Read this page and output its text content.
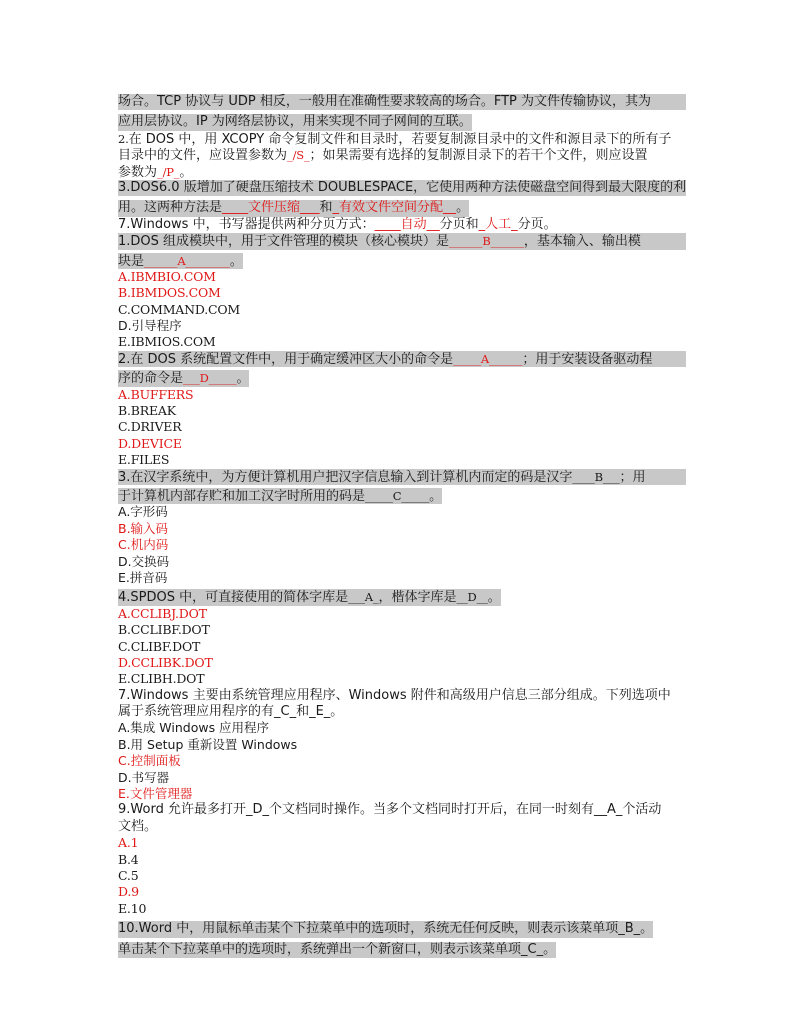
场合。TCP 协议与 UDP 相反，一般用在准确性要求较高的场合。FTP 为文件传输协议，其为
应用层协议。IP 为网络层协议，用来实现不同子网间的互联。
2.在 DOS 中，用 XCOPY 命令复制文件和目录时，若要复制源目录中的文件和源目录下的所有子
目录中的文件，应设置参数为_/S_；如果需要有选择的复制源目录下的若干个文件，则应设置
参数为_/P_。
3.DOS6.0 版增加了硬盘压缩技术 DOUBLESPACE，它使用两种方法使磁盘空间得到最大限度的利
用。这两种方法是____文件压缩___和_有效文件空间分配__。
7.Windows 中，书写器提供两种分页方式：____自动__分页和_人工_分页。
1.DOS 组成模块中，用于文件管理的模块（核心模块）是______B______，基本输入、输出模
块是______A________。
A.IBMBIO.COM
B.IBMDOS.COM
C.COMMAND.COM
D.引导程序
E.IBMIOS.COM
2.在 DOS 系统配置文件中，用于确定缓冲区大小的命令是_____A______；用于安装设备驱动程
序的命令是___D_____。
A.BUFFERS
B.BREAK
C.DRIVER
D.DEVICE
E.FILES
3.在汉字系统中，为方便计算机用户把汉字信息输入到计算机内而定的码是汉字____B___；用
于计算机内部存贮和加工汉字时所用的码是_____C_____。
A.字形码
B.输入码
C.机内码
D.交换码
E.拼音码
4.SPDOS 中，可直接使用的简体字库是___A_，楷体字库是__D__。
A.CCLIBJ.DOT
B.CCLIBF.DOT
C.CLIBF.DOT
D.CCLIBK.DOT
E.CLIBH.DOT
7.Windows 主要由系统管理应用程序、Windows 附件和高级用户信息三部分组成。下列选项中
属于系统管理应用程序的有_C_和_E_。
A.集成 Windows 应用程序
B.用 Setup 重新设置 Windows
C.控制面板
D.书写器
E.文件管理器
9.Word 允许最多打开_D_个文档同时操作。当多个文档同时打开后，在同一时刻有__A_个活动
文档。
A.1
B.4
C.5
D.9
E.10
10.Word 中，用鼠标单击某个下拉菜单中的选项时，系统无任何反映，则表示该菜单项_B_。 单击某个下拉菜单中的选项时，系统弹出一个新窗口，则表示该菜单项_C_。
